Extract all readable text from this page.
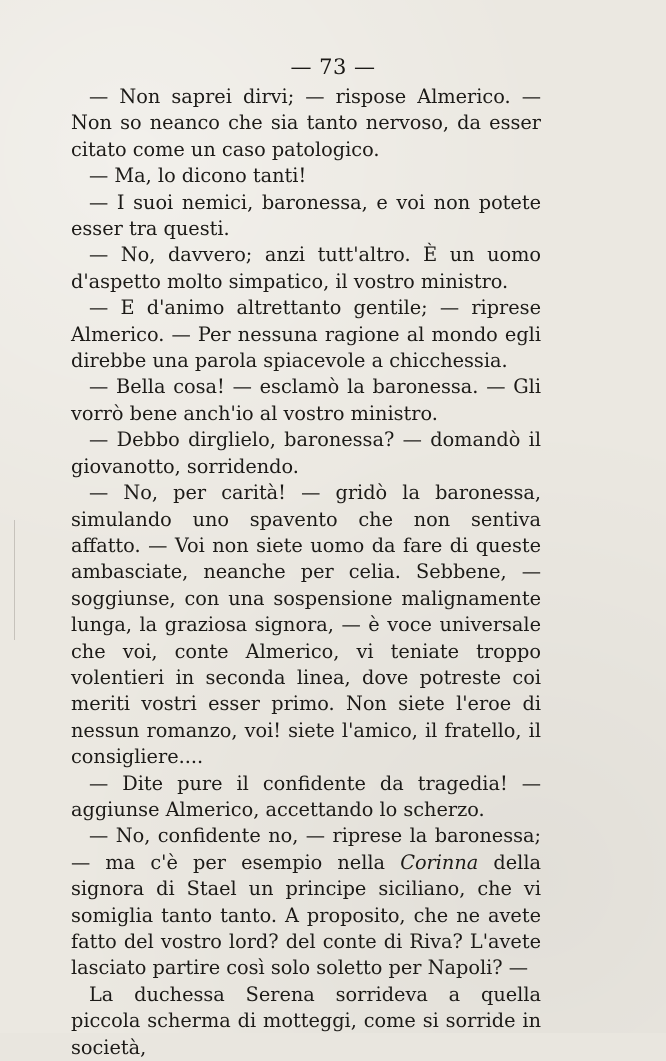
— 73 —

— Non saprei dirvi; — rispose Almerico. — Non so neanco che sia tanto nervoso, da esser citato come un caso patologico.

— Ma, lo dicono tanti!

— I suoi nemici, baronessa, e voi non potete esser tra questi.

— No, davvero; anzi tutt'altro. È un uomo d'aspetto molto simpatico, il vostro ministro.

— E d'animo altrettanto gentile; — riprese Almerico. — Per nessuna ragione al mondo egli direbbe una parola spiacevole a chicchessia.

— Bella cosa! — esclamò la baronessa. — Gli vorrò bene anch'io al vostro ministro.

— Debbo dirglielo, baronessa? — domandò il giovanotto, sorridendo.

— No, per carità! — gridò la baronessa, simulando uno spavento che non sentiva affatto. — Voi non siete uomo da fare di queste ambasciate, neanche per celia. Sebbene, — soggiunse, con una sospensione malignamente lunga, la graziosa signora, — è voce universale che voi, conte Almerico, vi teniate troppo volentieri in seconda linea, dove potreste coi meriti vostri esser primo. Non siete l'eroe di nessun romanzo, voi! siete l'amico, il fratello, il consigliere....

— Dite pure il confidente da tragedia! — aggiunse Almerico, accettando lo scherzo.

— No, confidente no, — riprese la baronessa; — ma c'è per esempio nella Corinna della signora di Stael un principe siciliano, che vi somiglia tanto tanto. A proposito, che ne avete fatto del vostro lord? del conte di Riva? L'avete lasciato partire così solo soletto per Napoli? —

La duchessa Serena sorrideva a quella piccola scherma di motteggi, come si sorride in società,
